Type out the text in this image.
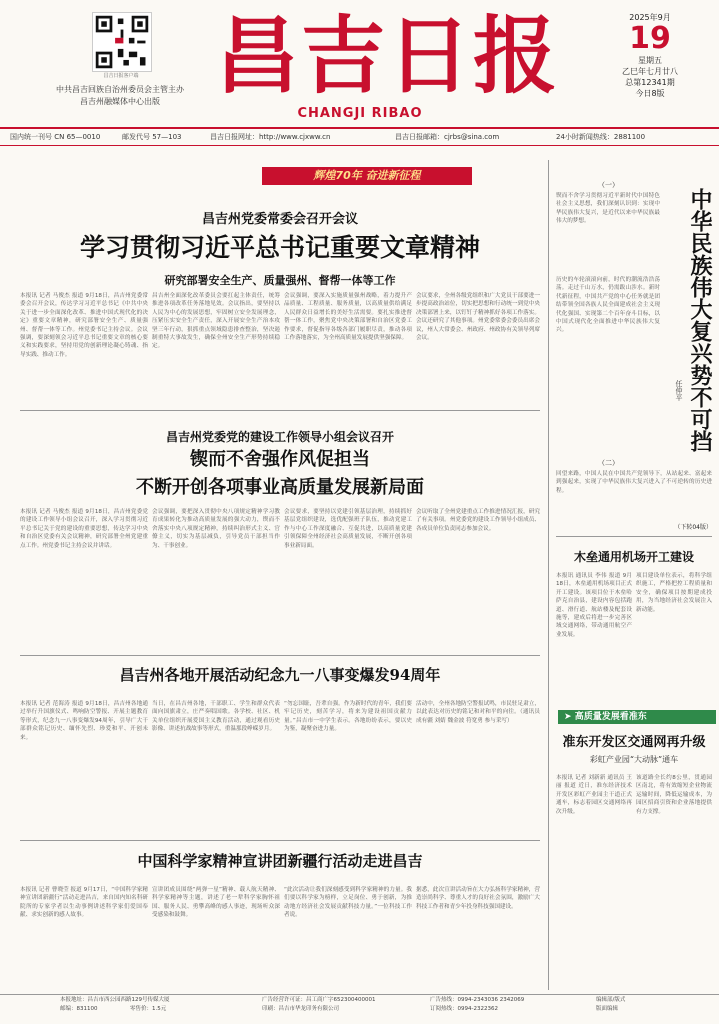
昌吉日报客户端
中共昌吉回族自治州委员会主管主办
昌吉州融媒体中心出版 昌吉日报
CHANGJI RIBAO
2025年9月
19
星期五
乙巳年七月廿八
总第12341期
今日8版
国内统一刊号 CN 65—0010	邮发代号 57—103	昌吉日报网址：http://www.cjxww.cn	昌吉日报邮箱：cjrbs@sina.com	24小时新闻热线：2881100
辉煌70年 奋进新征程
昌吉州党委常委会召开会议
学习贯彻习近平总书记重要文章精神
研究部署安全生产、质量强州、督帮一体等工作
本报讯 记者 马俊杰 报道 9月18日，昌吉州党委常委会召开会议，传达学习习近平总书记《中共中央关于进一步全面深化改革、推进中国式现代化的决定》重要文章精神，研究部署安全生产、质量强州、督帮一体等工作。州党委书记主持会议。会议强调，要深刻领会习近平总书记重要文章的核心要义和实践要求，坚持用党的创新理论凝心铸魂、指导实践、推动工作。
昌吉州全面深化改革委员会要扛起主体责任，统筹推进各项改革任务落地见效。会议指出，要坚持以人民为中心的发展思想，牢固树立安全发展理念，压紧压实安全生产责任，深入开展安全生产治本攻坚三年行动，狠抓重点领域隐患排查整治，坚决遏制重特大事故发生，确保全州安全生产形势持续稳定。
会议强调，要深入实施质量强州战略，着力提升产品质量、工程质量、服务质量，以高质量供给满足人民群众日益增长的美好生活需要。要扎实推进督帮一体工作，聚焦党中央决策部署和自治区党委工作要求，督促指导各级各部门履职尽责，推动各项工作落地落实，为全州高质量发展提供坚强保障。
会议要求，全州各级党组织和广大党员干部要进一步提高政治站位，切实把思想和行动统一到党中央决策部署上来，以钉钉子精神抓好各项工作落实。会议还研究了其他事项。州党委常委会委员出席会议，州人大常委会、州政府、州政协有关领导列席会议。
昌吉州党委党的建设工作领导小组会议召开
锲而不舍强作风促担当
不断开创各项事业高质量发展新局面
本报讯 记者 马俊杰 报道 9月18日，昌吉州党委党的建设工作领导小组会议召开，深入学习贯彻习近平总书记关于党的建设的重要思想，传达学习中央和自治区党委有关会议精神，研究部署全州党建重点工作。州党委书记主持会议并讲话。
会议强调，要把深入贯彻中央八项规定精神学习教育成果转化为推动高质量发展的强大动力，锲而不舍落实中央八项规定精神，持续纠治形式主义、官僚主义，切实为基层减负，引导党员干部担当作为、干事创业。
会议要求，要坚持以党建引领基层治理，持续抓好基层党组织建设，选优配强班子队伍，推动党建工作与中心工作深度融合、互促共进，以高质量党建引领保障全州经济社会高质量发展，不断开创各项事业新局面。
会议听取了全州党建重点工作推进情况汇报，研究了有关事项。州党委党的建设工作领导小组成员、各成员单位负责同志参加会议。
昌吉州各地开展活动纪念九一八事变爆发94周年
本报讯 记者 范海涛 报道 9月18日，昌吉州各地通过举行升国旗仪式、鸣响防空警报、开展主题教育等形式，纪念九一八事变爆发94周年，引导广大干部群众铭记历史、缅怀先烈、珍爱和平、开创未来。
当日，在昌吉州各地，干部职工、学生和群众代表面向国旗肃立，庄严奏唱国歌。各学校、社区、机关单位组织开展爱国主义教育活动，通过观看历史影像、讲述抗战故事等形式，重温那段峥嵘岁月。
“勿忘国耻，吾辈自强。作为新时代的青年，我们要牢记历史，刻苦学习，将来为建设祖国贡献力量。”昌吉市一中学生表示。各地纷纷表示，要以史为鉴，凝聚奋进力量。
活动中，全州各地防空警报试鸣，市民驻足肃立，以此表达对历史的铭记和对和平的向往。（通讯员 成有疆 刘婧 魏金波 符宽勇 参与采写）
中国科学家精神宣讲团新疆行活动走进昌吉
本报讯 记者 曹晓莹 报道 9月17日，“中国科学家精神宣讲团新疆行”活动走进昌吉，来自国内知名科研院所的专家学者以生动事例讲述科学家们爱国奉献、求实创新的感人故事。
宣讲团成员围绕“两弹一星”精神、载人航天精神、科学家精神等主题，讲述了老一辈科学家胸怀祖国、服务人民、勇攀高峰的感人事迹，现场听众深受感染和鼓舞。
“此次活动让我们深刻感受到科学家精神的力量。我们要以科学家为榜样，立足岗位、勇于创新，为推动地方经济社会发展贡献科技力量。”一位科技工作者说。
据悉，此次宣讲活动旨在大力弘扬科学家精神，营造崇尚科学、尊重人才的良好社会氛围，激励广大科技工作者和青少年投身科技强国建设。
中华民族伟大复兴势不可挡
任仲平
（一）
锲而不舍学习贯彻习近平新时代中国特色社会主义思想，我们深刻认识到：实现中华民族伟大复兴，是近代以来中华民族最伟大的梦想。
历史的车轮滚滚向前，时代的潮流浩浩荡荡。走过千山万水，仍需跋山涉水。新时代新征程，中国共产党的中心任务就是团结带领全国各族人民全面建成社会主义现代化强国、实现第二个百年奋斗目标，以中国式现代化全面推进中华民族伟大复兴。
（二）
回望来路，中国人民在中国共产党领导下，从站起来、富起来到强起来，实现了中华民族伟大复兴进入了不可逆转的历史进程。
（下转04版）
木垒通用机场开工建设
本报讯 通讯员 李伟 报道 9月18日，木垒通用机场项目正式开工建设。该项目位于木垒哈萨克自治县，建设内容包括跑道、滑行道、航站楼及配套设施等，建成后将进一步完善区域交通网络，带动通用航空产业发展。
项目建设单位表示，将科学组织施工，严格把控工程质量和安全，确保项目按期建成投用，为当地经济社会发展注入新动能。
➤ 高质量发展看准东
准东开发区交通网再升级
彩虹产业园“大动脉”通车
本报讯 记者 刘新新 通讯员 王丽 报道 近日，准东经济技术开发区彩虹产业园主干道正式通车，标志着园区交通网络再次升级。
该道路全长约8公里，贯通园区南北，将有效缩短企业物流运输时间，降低运输成本，为园区招商引资和企业落地提供有力支撑。
本报地址：昌吉市西公园西路129号传媒大厦
邮编：831100	零售价：1.5元
广告经营许可证：昌工商广字652300400001
印刷：昌吉市华龙印务有限公司
广告热线：0994-2343036 2342069
订阅热线：0994-2322362
编辑部/版式
版面编辑
